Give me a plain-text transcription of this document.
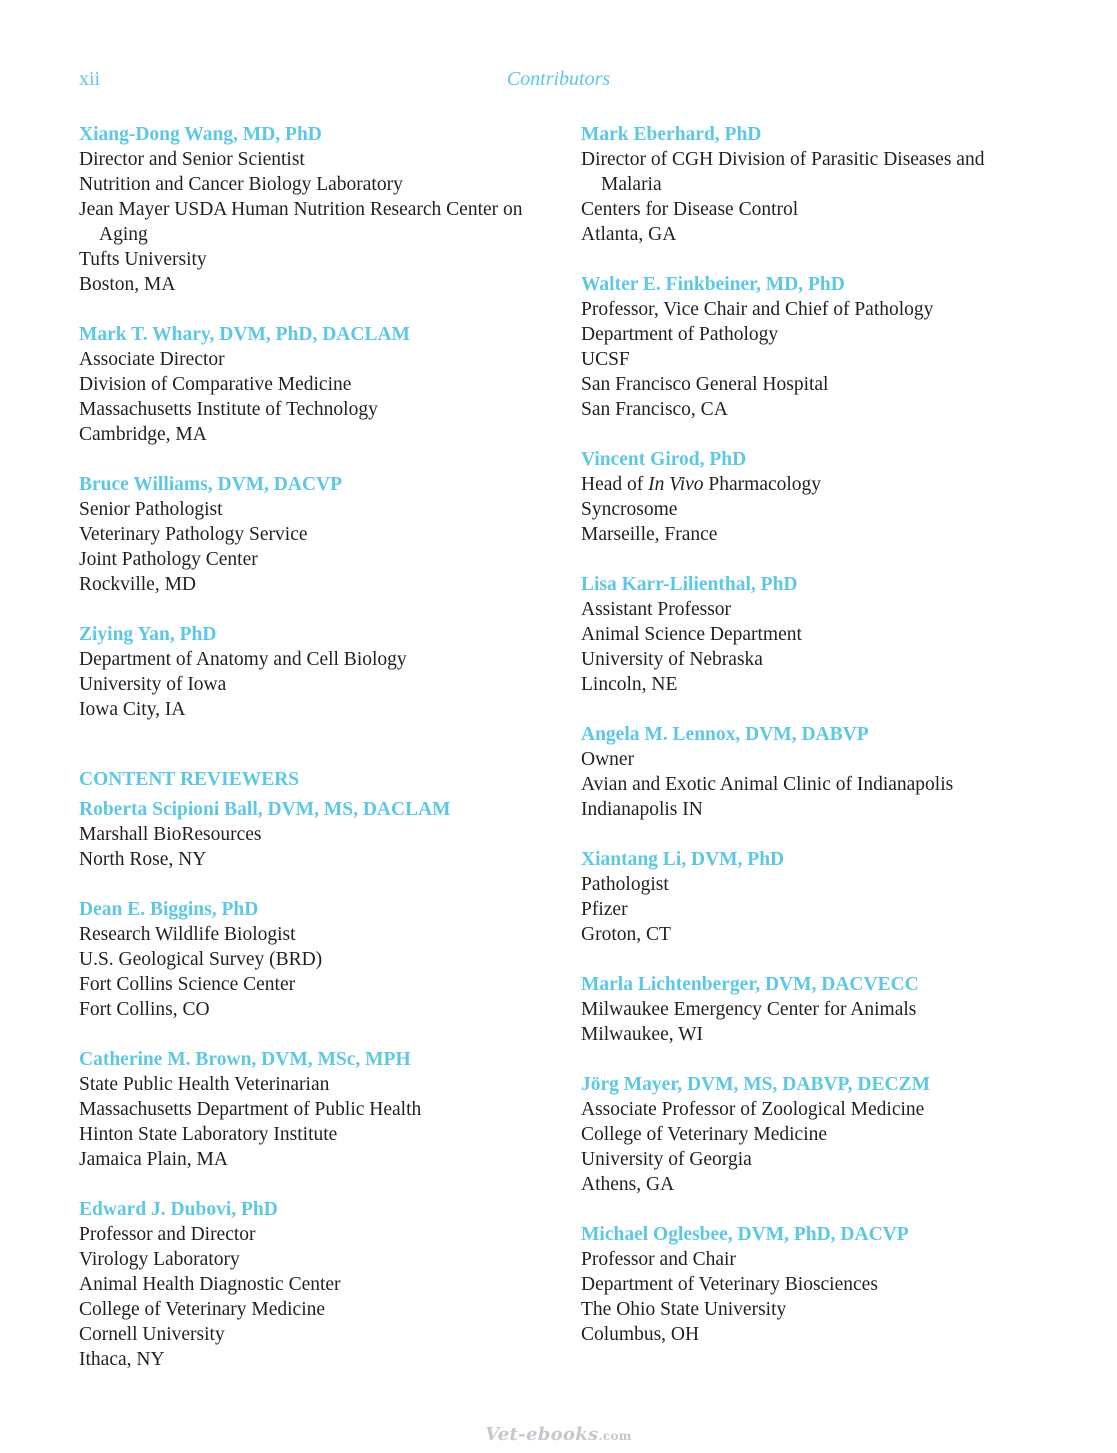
xii	Contributors
Xiang-Dong Wang, MD, PhD
Director and Senior Scientist
Nutrition and Cancer Biology Laboratory
Jean Mayer USDA Human Nutrition Research Center on Aging
Tufts University
Boston, MA
Mark T. Whary, DVM, PhD, DACLAM
Associate Director
Division of Comparative Medicine
Massachusetts Institute of Technology
Cambridge, MA
Bruce Williams, DVM, DACVP
Senior Pathologist
Veterinary Pathology Service
Joint Pathology Center
Rockville, MD
Ziying Yan, PhD
Department of Anatomy and Cell Biology
University of Iowa
Iowa City, IA
CONTENT REVIEWERS
Roberta Scipioni Ball, DVM, MS, DACLAM
Marshall BioResources
North Rose, NY
Dean E. Biggins, PhD
Research Wildlife Biologist
U.S. Geological Survey (BRD)
Fort Collins Science Center
Fort Collins, CO
Catherine M. Brown, DVM, MSc, MPH
State Public Health Veterinarian
Massachusetts Department of Public Health
Hinton State Laboratory Institute
Jamaica Plain, MA
Edward J. Dubovi, PhD
Professor and Director
Virology Laboratory
Animal Health Diagnostic Center
College of Veterinary Medicine
Cornell University
Ithaca, NY
Mark Eberhard, PhD
Director of CGH Division of Parasitic Diseases and Malaria
Centers for Disease Control
Atlanta, GA
Walter E. Finkbeiner, MD, PhD
Professor, Vice Chair and Chief of Pathology
Department of Pathology
UCSF
San Francisco General Hospital
San Francisco, CA
Vincent Girod, PhD
Head of In Vivo Pharmacology
Syncrosome
Marseille, France
Lisa Karr-Lilienthal, PhD
Assistant Professor
Animal Science Department
University of Nebraska
Lincoln, NE
Angela M. Lennox, DVM, DABVP
Owner
Avian and Exotic Animal Clinic of Indianapolis
Indianapolis IN
Xiantang Li, DVM, PhD
Pathologist
Pfizer
Groton, CT
Marla Lichtenberger, DVM, DACVECC
Milwaukee Emergency Center for Animals
Milwaukee, WI
Jörg Mayer, DVM, MS, DABVP, DECZM
Associate Professor of Zoological Medicine
College of Veterinary Medicine
University of Georgia
Athens, GA
Michael Oglesbee, DVM, PhD, DACVP
Professor and Chair
Department of Veterinary Biosciences
The Ohio State University
Columbus, OH
Vet-ebooks.com
